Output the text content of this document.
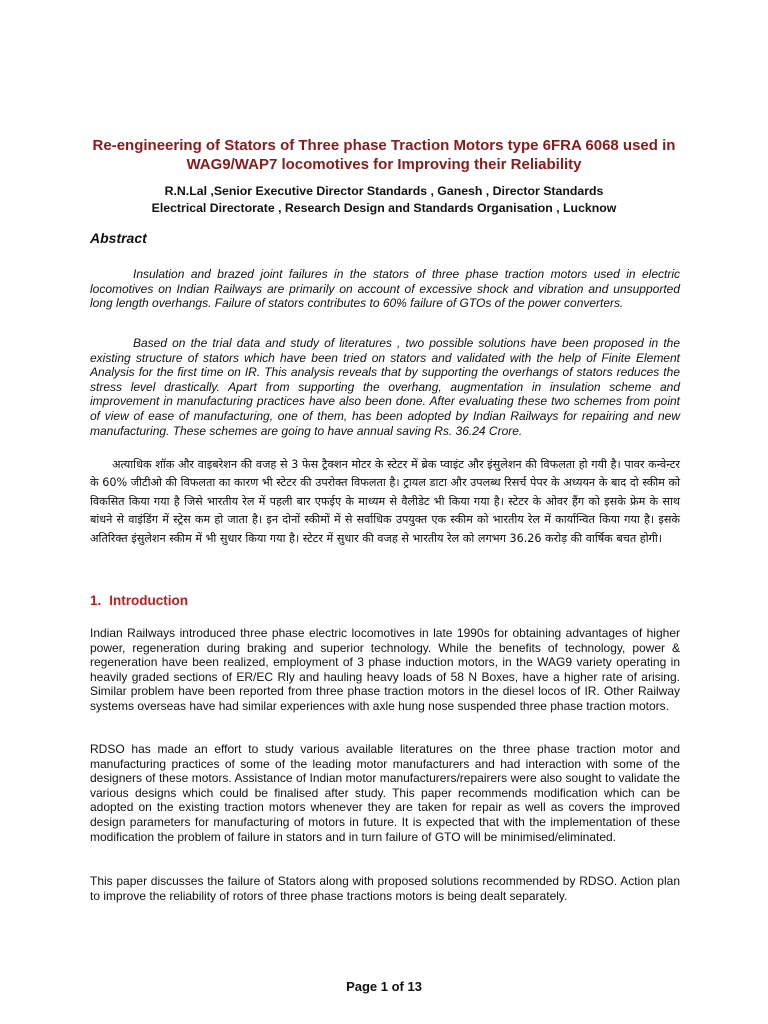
Re-engineering of Stators of Three phase Traction Motors type 6FRA 6068 used in
WAG9/WAP7 locomotives for Improving their Reliability
R.N.Lal ,Senior Executive Director Standards , Ganesh , Director Standards
Electrical Directorate , Research Design and Standards Organisation , Lucknow
Abstract

Insulation and brazed joint failures in the stators of three phase traction motors used in electric locomotives on Indian Railways are primarily on account of excessive shock and vibration and unsupported long length overhangs. Failure of stators contributes to 60% failure of GTOs of the power converters.

Based on the trial data and study of literatures , two possible solutions have been proposed in the existing structure of stators which have been tried on stators and validated with the help of Finite Element Analysis for the first time on IR. This analysis reveals that by supporting the overhangs of stators reduces the stress level drastically. Apart from supporting the overhang, augmentation in insulation scheme and improvement in manufacturing practices have also been done. After evaluating these two schemes from point of view of ease of manufacturing, one of them, has been adopted by Indian Railways for repairing and new manufacturing. These schemes are going to have annual saving Rs. 36.24 Crore.

अत्याधिक शॉक और वाइबरेशन की वजह से 3 फेस ट्रैक्शन मोटर के स्टेटर में ब्रेक प्वाइंट और इंसुलेशन की विफलता हो गयी है। पावर कन्वेन्टर के 60% जीटीओ की विफलता का कारण भी स्टेटर की उपरोक्त विफलता है। ट्रायल डाटा और उपलब्ध रिसर्च पेपर के अध्ययन के बाद दो स्कीम को विकसित किया गया है जिसे भारतीय रेल में पहली बार एफईए के माध्यम से वैलीडेट भी किया गया है। स्टेटर के ओवर हैंग को इसके फ्रेम के साथ बांधने से वाइंडिंग में स्ट्रेस कम हो जाता है। इन दोनों स्कीमों में से सर्वाधिक उपयुक्त एक स्कीम को भारतीय रेल में कार्यान्वित किया गया है। इसके अतिरिक्त इंसुलेशन स्कीम में भी सुधार किया गया है। स्टेटर में सुधार की वजह से भारतीय रेल को लगभग 36.26 करोड़ की वार्षिक बचत होगी।

1. Introduction

Indian Railways introduced three phase electric locomotives in late 1990s for obtaining advantages of higher power, regeneration during braking and superior technology. While the benefits of technology, power & regeneration have been realized, employment of 3 phase induction motors, in the WAG9 variety operating in heavily graded sections of ER/EC Rly and hauling heavy loads of 58 N Boxes, have a higher rate of arising. Similar problem have been reported from three phase traction motors in the diesel locos of IR. Other Railway systems overseas have had similar experiences with axle hung nose suspended three phase traction motors.

RDSO has made an effort to study various available literatures on the three phase traction motor and manufacturing practices of some of the leading motor manufacturers and had interaction with some of the designers of these motors. Assistance of Indian motor manufacturers/repairers were also sought to validate the various designs which could be finalised after study. This paper recommends modification which can be adopted on the existing traction motors whenever they are taken for repair as well as covers the improved design parameters for manufacturing of motors in future. It is expected that with the implementation of these modification the problem of failure in stators and in turn failure of GTO will be minimised/eliminated.

This paper discusses the failure of Stators along with proposed solutions recommended by RDSO. Action plan to improve the reliability of rotors of three phase tractions motors is being dealt separately.

Page 1 of 13
